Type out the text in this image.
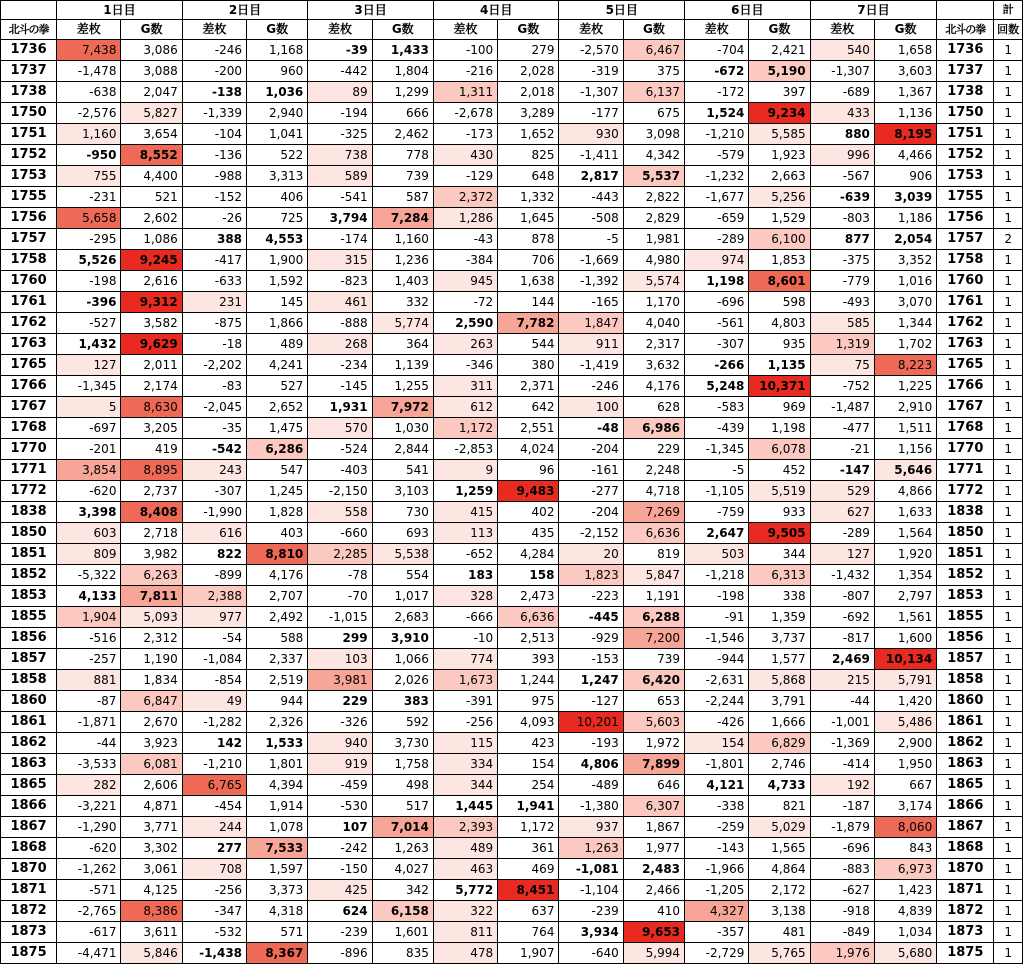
	1日目		2日目		3日目		4日目		5日目		6日目		7日目			計
北斗の拳	差枚	G数	差枚	G数	差枚	G数	差枚	G数	差枚	G数	差枚	G数	差枚	G数	北斗の拳	回数
1736	7,438	3,086	-246	1,168	-39	1,433	-100	279	-2,570	6,467	-704	2,421	540	1,658	1736	1
1737	-1,478	3,088	-200	960	-442	1,804	-216	2,028	-319	375	-672	5,190	-1,307	3,603	1737	1
1738	-638	2,047	-138	1,036	89	1,299	1,311	2,018	-1,307	6,137	-172	397	-689	1,367	1738	1
1750	-2,576	5,827	-1,339	2,940	-194	666	-2,678	3,289	-177	675	1,524	9,234	433	1,136	1750	1
1751	1,160	3,654	-104	1,041	-325	2,462	-173	1,652	930	3,098	-1,210	5,585	880	8,195	1751	1
1752	-950	8,552	-136	522	738	778	430	825	-1,411	4,342	-579	1,923	996	4,466	1752	1
1753	755	4,400	-988	3,313	589	739	-129	648	2,817	5,537	-1,232	2,663	-567	906	1753	1
1755	-231	521	-152	406	-541	587	2,372	1,332	-443	2,822	-1,677	5,256	-639	3,039	1755	1
1756	5,658	2,602	-26	725	3,794	7,284	1,286	1,645	-508	2,829	-659	1,529	-803	1,186	1756	1
1757	-295	1,086	388	4,553	-174	1,160	-43	878	-5	1,981	-289	6,100	877	2,054	1757	2
1758	5,526	9,245	-417	1,900	315	1,236	-384	706	-1,669	4,980	974	1,853	-375	3,352	1758	1
1760	-198	2,616	-633	1,592	-823	1,403	945	1,638	-1,392	5,574	1,198	8,601	-779	1,016	1760	1
1761	-396	9,312	231	145	461	332	-72	144	-165	1,170	-696	598	-493	3,070	1761	1
1762	-527	3,582	-875	1,866	-888	5,774	2,590	7,782	1,847	4,040	-561	4,803	585	1,344	1762	1
1763	1,432	9,629	-18	489	268	364	263	544	911	2,317	-307	935	1,319	1,702	1763	1
1765	127	2,011	-2,202	4,241	-234	1,139	-346	380	-1,419	3,632	-266	1,135	75	8,223	1765	1
1766	-1,345	2,174	-83	527	-145	1,255	311	2,371	-246	4,176	5,248	10,371	-752	1,225	1766	1
1767	5	8,630	-2,045	2,652	1,931	7,972	612	642	100	628	-583	969	-1,487	2,910	1767	1
1768	-697	3,205	-35	1,475	570	1,030	1,172	2,551	-48	6,986	-439	1,198	-477	1,511	1768	1
1770	-201	419	-542	6,286	-524	2,844	-2,853	4,024	-204	229	-1,345	6,078	-21	1,156	1770	1
1771	3,854	8,895	243	547	-403	541	9	96	-161	2,248	-5	452	-147	5,646	1771	1
1772	-620	2,737	-307	1,245	-2,150	3,103	1,259	9,483	-277	4,718	-1,105	5,519	529	4,866	1772	1
1838	3,398	8,408	-1,990	1,828	558	730	415	402	-204	7,269	-759	933	627	1,633	1838	1
1850	603	2,718	616	403	-660	693	113	435	-2,152	6,636	2,647	9,505	-289	1,564	1850	1
1851	809	3,982	822	8,810	2,285	5,538	-652	4,284	20	819	503	344	127	1,920	1851	1
1852	-5,322	6,263	-899	4,176	-78	554	183	158	1,823	5,847	-1,218	6,313	-1,432	1,354	1852	1
1853	4,133	7,811	2,388	2,707	-70	1,017	328	2,473	-223	1,191	-198	338	-807	2,797	1853	1
1855	1,904	5,093	977	2,492	-1,015	2,683	-666	6,636	-445	6,288	-91	1,359	-692	1,561	1855	1
1856	-516	2,312	-54	588	299	3,910	-10	2,513	-929	7,200	-1,546	3,737	-817	1,600	1856	1
1857	-257	1,190	-1,084	2,337	103	1,066	774	393	-153	739	-944	1,577	2,469	10,134	1857	1
1858	881	1,834	-854	2,519	3,981	2,026	1,673	1,244	1,247	6,420	-2,631	5,868	215	5,791	1858	1
1860	-87	6,847	49	944	229	383	-391	975	-127	653	-2,244	3,791	-44	1,420	1860	1
1861	-1,871	2,670	-1,282	2,326	-326	592	-256	4,093	10,201	5,603	-426	1,666	-1,001	5,486	1861	1
1862	-44	3,923	142	1,533	940	3,730	115	423	-193	1,972	154	6,829	-1,369	2,900	1862	1
1863	-3,533	6,081	-1,210	1,801	919	1,758	334	154	4,806	7,899	-1,801	2,746	-414	1,950	1863	1
1865	282	2,606	6,765	4,394	-459	498	344	254	-489	646	4,121	4,733	192	667	1865	1
1866	-3,221	4,871	-454	1,914	-530	517	1,445	1,941	-1,380	6,307	-338	821	-187	3,174	1866	1
1867	-1,290	3,771	244	1,078	107	7,014	2,393	1,172	937	1,867	-259	5,029	-1,879	8,060	1867	1
1868	-620	3,302	277	7,533	-242	1,263	489	361	1,263	1,977	-143	1,565	-696	843	1868	1
1870	-1,262	3,061	708	1,597	-150	4,027	463	469	-1,081	2,483	-1,966	4,864	-883	6,973	1870	1
1871	-571	4,125	-256	3,373	425	342	5,772	8,451	-1,104	2,466	-1,205	2,172	-627	1,423	1871	1
1872	-2,765	8,386	-347	4,318	624	6,158	322	637	-239	410	4,327	3,138	-918	4,839	1872	1
1873	-617	3,611	-532	571	-239	1,601	811	764	3,934	9,653	-357	481	-849	1,034	1873	1
1875	-4,471	5,846	-1,438	8,367	-896	835	478	1,907	-640	5,994	-2,729	5,765	1,976	5,680	1875	1
